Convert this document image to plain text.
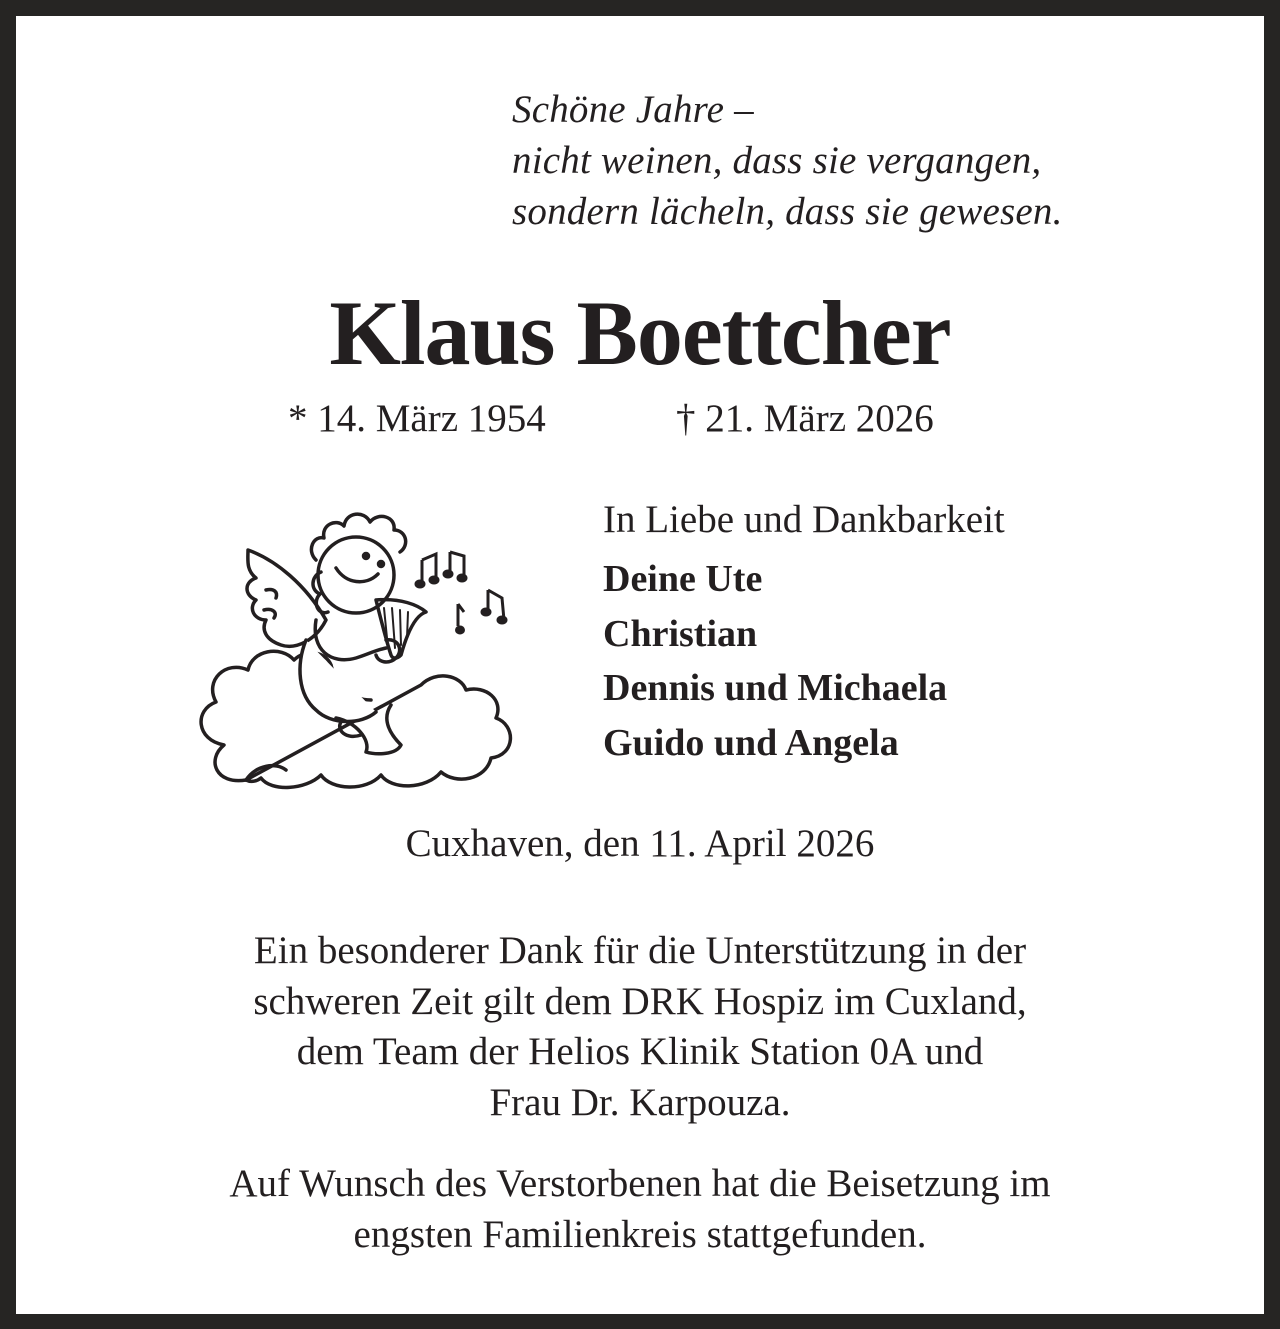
Schöne Jahre –
nicht weinen, dass sie vergangen,
sondern lächeln, dass sie gewesen.
Klaus Boettcher
* 14. März 1954	† 21. März 2026
In Liebe und Dankbarkeit
Deine Ute
Christian
Dennis und Michaela
Guido und Angela
Cuxhaven, den 11. April 2026
Ein besonderer Dank für die Unterstützung in der
schweren Zeit gilt dem DRK Hospiz im Cuxland,
dem Team der Helios Klinik Station 0A und
Frau Dr. Karpouza.
Auf Wunsch des Verstorbenen hat die Beisetzung im
engsten Familienkreis stattgefunden.
